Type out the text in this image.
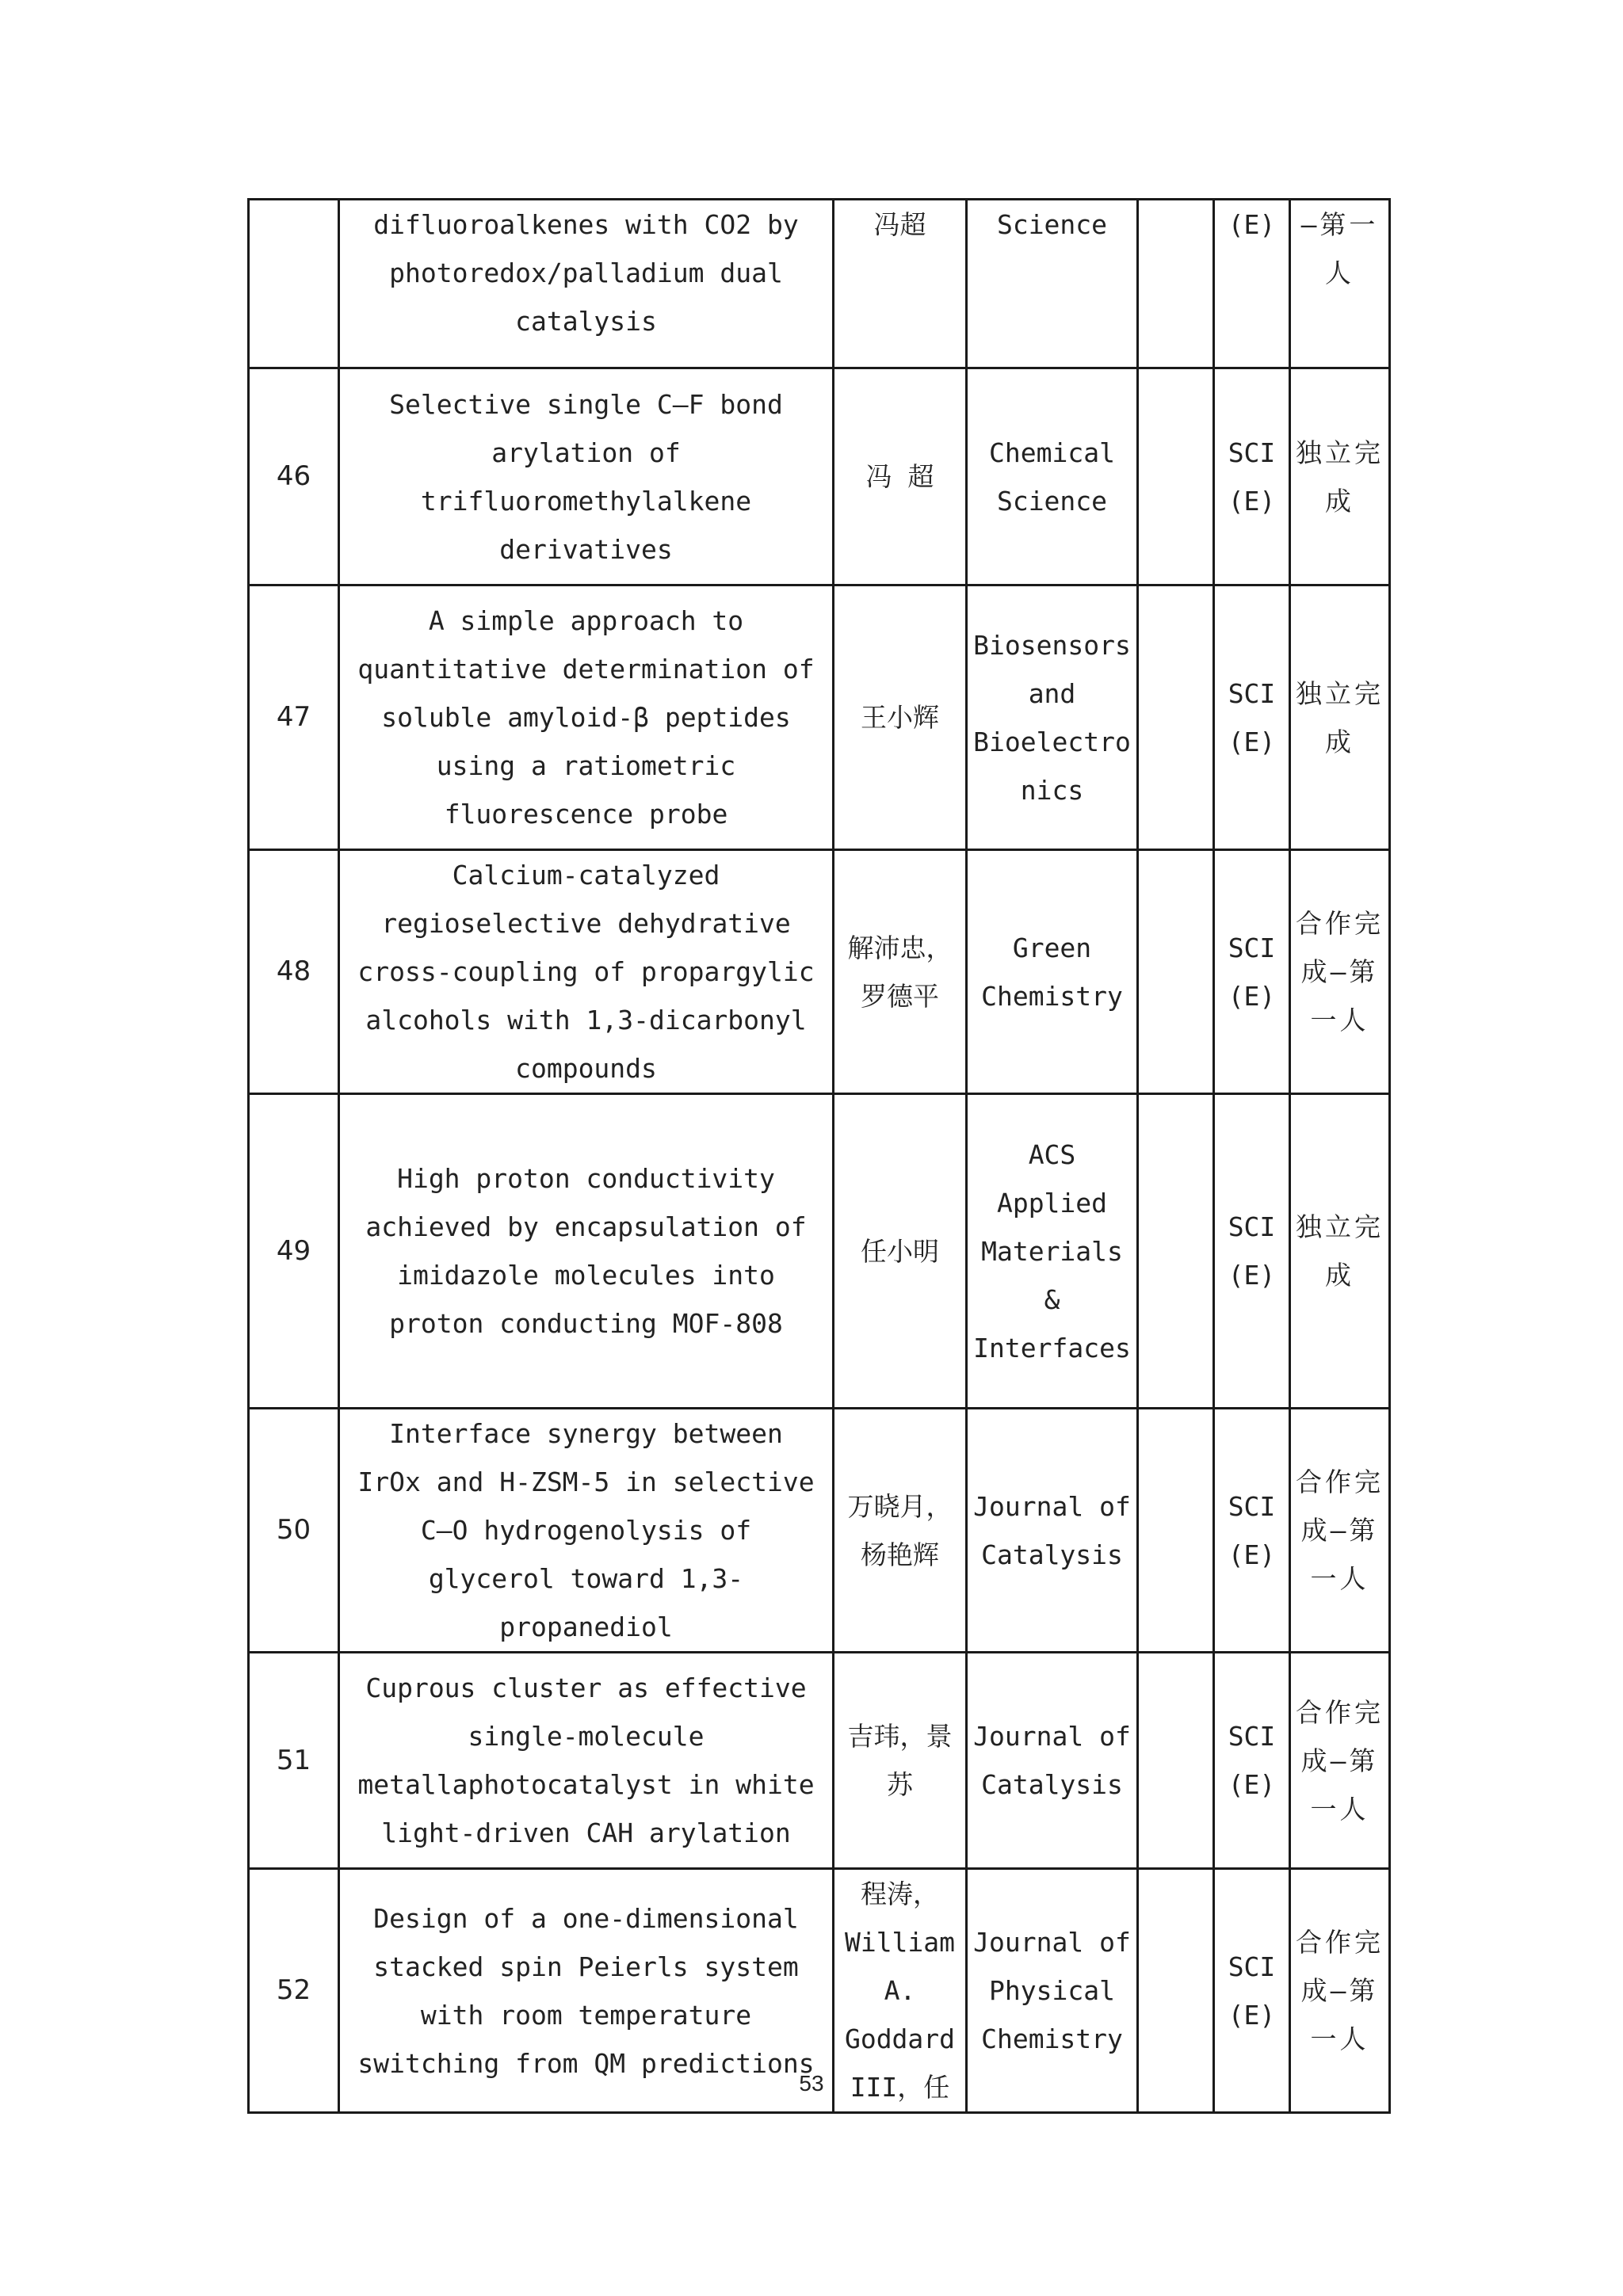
	difluoroalkenes with CO2 by photoredox/palladium dual catalysis	冯超	Science		(E)	—第一人
46	Selective single C‒F bond arylation of trifluoromethylalkene derivatives	冯 超	Chemical Science		SCI (E)	独立完成
47	A simple approach to quantitative determination of soluble amyloid-β peptides using a ratiometric fluorescence probe	王小辉	Biosensors and Bioelectronics		SCI (E)	独立完成
48	Calcium-catalyzed regioselective dehydrative cross-coupling of propargylic alcohols with 1,3-dicarbonyl compounds	解沛忠，罗德平	Green Chemistry		SCI (E)	合作完成—第一人
49	High proton conductivity achieved by encapsulation of imidazole molecules into proton conducting MOF-808	任小明	ACS Applied Materials & Interfaces		SCI (E)	独立完成
50	Interface synergy between IrOx and H-ZSM-5 in selective C‒O hydrogenolysis of glycerol toward 1,3-propanediol	万晓月，杨艳辉	Journal of Catalysis		SCI (E)	合作完成—第一人
51	Cuprous cluster as effective single-molecule metallaphotocatalyst in white light-driven CAH arylation	吉玮，景苏	Journal of Catalysis		SCI (E)	合作完成—第一人
52	Design of a one-dimensional stacked spin Peierls system with room temperature switching from QM predictions	程涛，William A. Goddard III，任	Journal of Physical Chemistry		SCI (E)	合作完成—第一人
53
